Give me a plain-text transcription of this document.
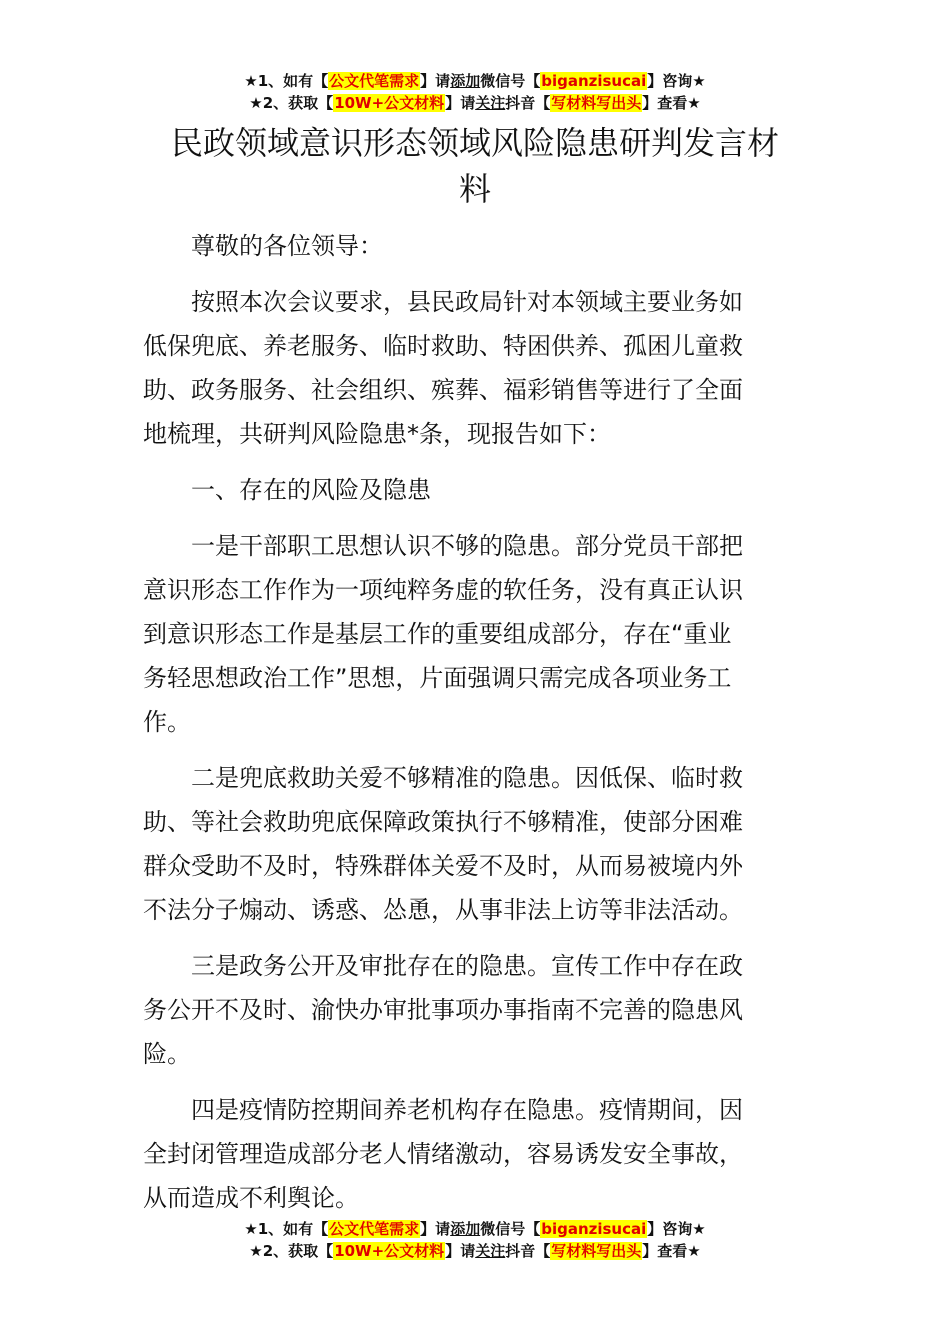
★1、如有【公文代笔需求】请添加微信号【biganzisucai】咨询★
★2、获取【10W+公文材料】请关注抖音【写材料写出头】查看★
民政领域意识形态领域风险隐患研判发言材
料

尊敬的各位领导：

按照本次会议要求，县民政局针对本领域主要业务如
低保兜底、养老服务、临时救助、特困供养、孤困儿童救
助、政务服务、社会组织、殡葬、福彩销售等进行了全面
地梳理，共研判风险隐患*条，现报告如下：

一、存在的风险及隐患

一是干部职工思想认识不够的隐患。部分党员干部把
意识形态工作作为一项纯粹务虚的软任务，没有真正认识
到意识形态工作是基层工作的重要组成部分，存在“重业
务轻思想政治工作”思想，片面强调只需完成各项业务工
作。

二是兜底救助关爱不够精准的隐患。因低保、临时救
助、等社会救助兜底保障政策执行不够精准，使部分困难
群众受助不及时，特殊群体关爱不及时，从而易被境内外
不法分子煽动、诱惑、怂恿，从事非法上访等非法活动。

三是政务公开及审批存在的隐患。宣传工作中存在政
务公开不及时、渝快办审批事项办事指南不完善的隐患风
险。

四是疫情防控期间养老机构存在隐患。疫情期间，因
全封闭管理造成部分老人情绪激动，容易诱发安全事故，
从而造成不利舆论。

★1、如有【公文代笔需求】请添加微信号【biganzisucai】咨询★
★2、获取【10W+公文材料】请关注抖音【写材料写出头】查看★
